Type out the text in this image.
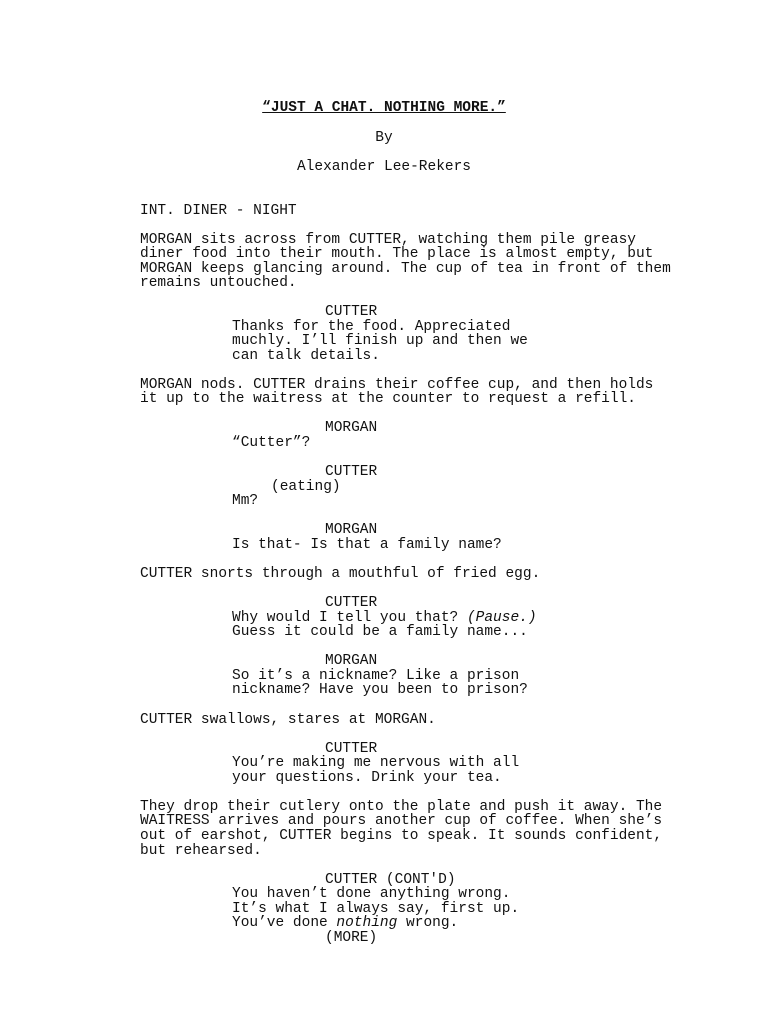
“JUST A CHAT. NOTHING MORE.”
By
Alexander Lee-Rekers
INT. DINER - NIGHT
MORGAN sits across from CUTTER, watching them pile greasy
diner food into their mouth. The place is almost empty, but
MORGAN keeps glancing around. The cup of tea in front of them
remains untouched.
CUTTER
Thanks for the food. Appreciated
muchly. I’ll finish up and then we
can talk details.
MORGAN nods. CUTTER drains their coffee cup, and then holds
it up to the waitress at the counter to request a refill.
MORGAN
“Cutter”?
CUTTER
(eating)
Mm?
MORGAN
Is that- Is that a family name?
CUTTER snorts through a mouthful of fried egg.
CUTTER
Why would I tell you that? (Pause.)
Guess it could be a family name...
MORGAN
So it’s a nickname? Like a prison
nickname? Have you been to prison?
CUTTER swallows, stares at MORGAN.
CUTTER
You’re making me nervous with all
your questions. Drink your tea.
They drop their cutlery onto the plate and push it away. The
WAITRESS arrives and pours another cup of coffee. When she’s
out of earshot, CUTTER begins to speak. It sounds confident,
but rehearsed.
CUTTER (CONT'D)
You haven’t done anything wrong.
It’s what I always say, first up.
You’ve done nothing wrong.
(MORE)
